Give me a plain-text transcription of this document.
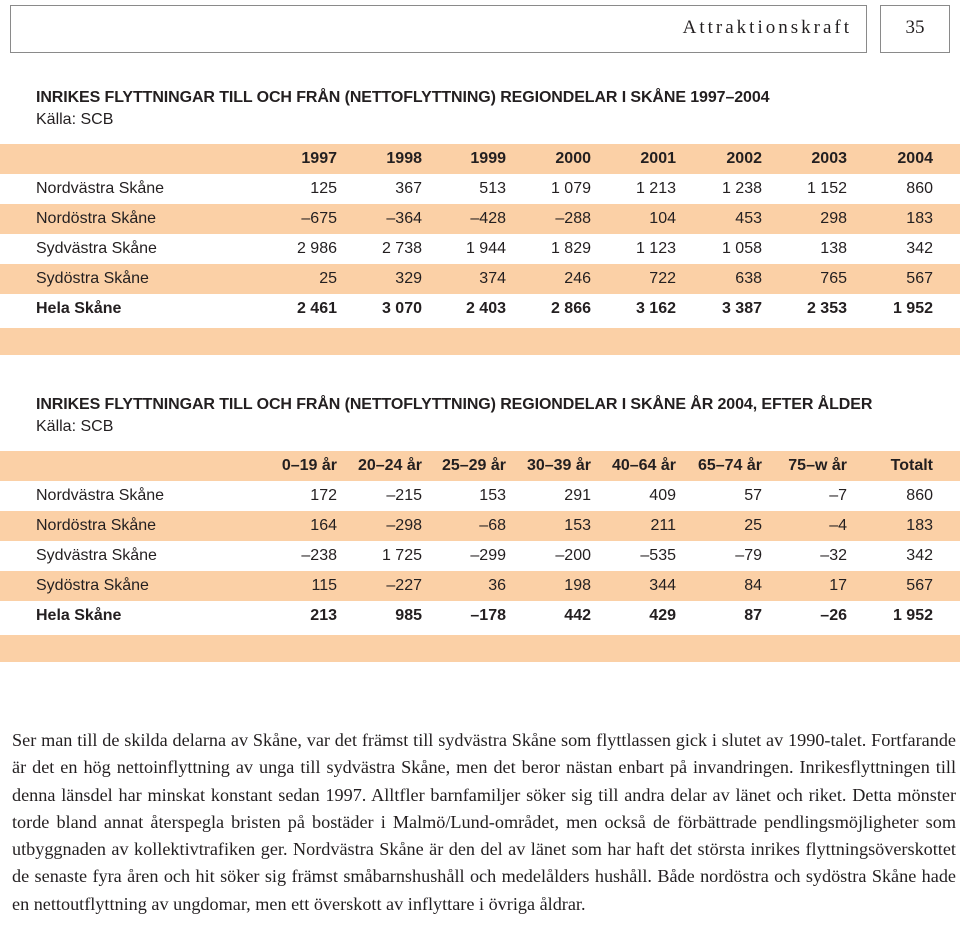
Attraktionskraft	35
INRIKES FLYTTNINGAR TILL OCH FRÅN (NETTOFLYTTNING) REGIONDELAR I SKÅNE 1997–2004
Källa: SCB
1997	1998	1999	2000	2001	2002	2003	2004
Nordvästra Skåne	125	367	513	1 079	1 213	1 238	1 152	860
Nordöstra Skåne	–675	–364	–428	–288	104	453	298	183
Sydvästra Skåne	2 986	2 738	1 944	1 829	1 123	1 058	138	342
Sydöstra Skåne	25	329	374	246	722	638	765	567
Hela Skåne	2 461	3 070	2 403	2 866	3 162	3 387	2 353	1 952
INRIKES FLYTTNINGAR TILL OCH FRÅN (NETTOFLYTTNING) REGIONDELAR I SKÅNE ÅR 2004, EFTER ÅLDER
Källa: SCB
0–19 år 20–24 år 25–29 år 30–39 år 40–64 år 65–74 år 75–w år	Totalt
Nordvästra Skåne	172	–215	153	291	409	57	–7	860
Nordöstra Skåne	164	–298	–68	153	211	25	–4	183
Sydvästra Skåne	–238	1 725	–299	–200	–535	–79	–32	342
Sydöstra Skåne	115	–227	36	198	344	84	17	567
Hela Skåne	213	985	–178	442	429	87	–26	1 952
Ser man till de skilda delarna av Skåne, var det främst till sydvästra Skåne som flyttlassen gick i slutet av 1990-talet. Fortfarande är det en hög nettoinflyttning av unga till sydvästra Skåne, men det beror nästan enbart på invandringen. Inrikesflyttningen till denna länsdel har minskat konstant sedan 1997. Alltfler barnfamiljer söker sig till andra delar av länet och riket. Detta mönster torde bland annat återspegla bristen på bostäder i Malmö/Lund-området, men också de förbättrade pendlingsmöjligheter som utbyggnaden av kollektivtrafiken ger. Nordvästra Skåne är den del av länet som har haft det största inrikes flyttningsöverskottet de senaste fyra åren och hit söker sig främst småbarnshushåll och medelålders hushåll. Både nordöstra och sydöstra Skåne hade en nettoutflyttning av ungdomar, men ett överskott av inflyttare i övriga åldrar.
